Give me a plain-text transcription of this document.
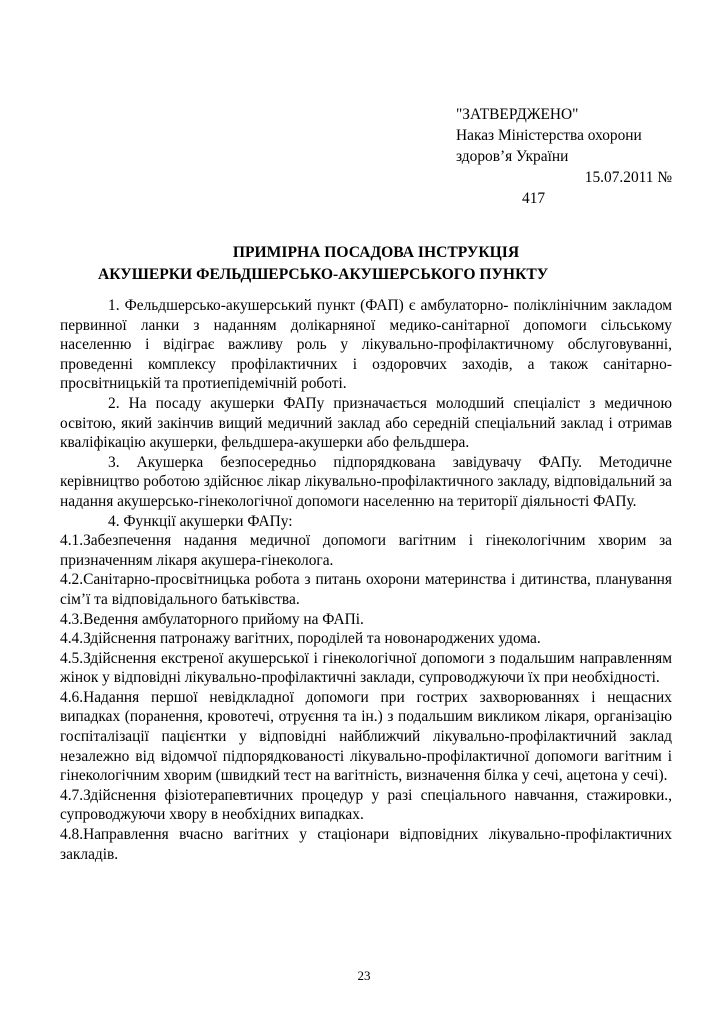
"ЗАТВЕРДЖЕНО"
Наказ Міністерства охорони
здоров’я України
15.07.2011 №
417
ПРИМІРНА ПОСАДОВА ІНСТРУКЦІЯ
АКУШЕРКИ ФЕЛЬДШЕРСЬКО-АКУШЕРСЬКОГО ПУНКТУ

1. Фельдшерсько-акушерський пункт (ФАП) є амбулаторно- поліклінічним закладом первинної ланки з наданням долікарняної медико-санітарної допомоги сільському населенню і відіграє важливу роль у лікувально-профілактичному обслуговуванні, проведенні комплексу профілактичних і оздоровчих заходів, а також санітарно-просвітницькій та протиепідемічній роботі.

2. На посаду акушерки ФАПу призначається молодший спеціаліст з медичною освітою, який закінчив вищий медичний заклад або середній спеціальний заклад і отримав кваліфікацію акушерки, фельдшера-акушерки або фельдшера.

3. Акушерка безпосередньо підпорядкована завідувачу ФАПу. Методичне керівництво роботою здійснює лікар лікувально-профілактичного закладу, відповідальний за надання акушерсько-гінекологічної допомоги населенню на території діяльності ФАПу.

4. Функції акушерки ФАПу:

4.1.Забезпечення надання медичної допомоги вагітним і гінекологічним хворим за призначенням лікаря акушера-гінеколога.

4.2.Санітарно-просвітницька робота з питань охорони материнства і дитинства, планування сім’ї та відповідального батьківства.

4.3.Ведення амбулаторного прийому на ФАПі.

4.4.Здійснення патронажу вагітних, породілей та новонароджених удома.

4.5.Здійснення екстреної акушерської і гінекологічної допомоги з подальшим направленням жінок у відповідні лікувально-профілактичні заклади, супроводжуючи їх при необхідності.

4.6.Надання першої невідкладної допомоги при гострих захворюваннях і нещасних випадках (поранення, кровотечі, отруєння та ін.) з подальшим викликом лікаря, організацію госпіталізації пацієнтки у відповідні найближчий лікувально-профілактичний заклад незалежно від відомчої підпорядкованості лікувально-профілактичної допомоги вагітним і гінекологічним хворим (швидкий тест на вагітність, визначення білка у сечі, ацетона у сечі).

4.7.Здійснення фізіотерапевтичних процедур у разі спеціального навчання, стажировки., супроводжуючи хвору в необхідних випадках.

4.8.Направлення вчасно вагітних у стаціонари відповідних лікувально-профілактичних закладів.

23
